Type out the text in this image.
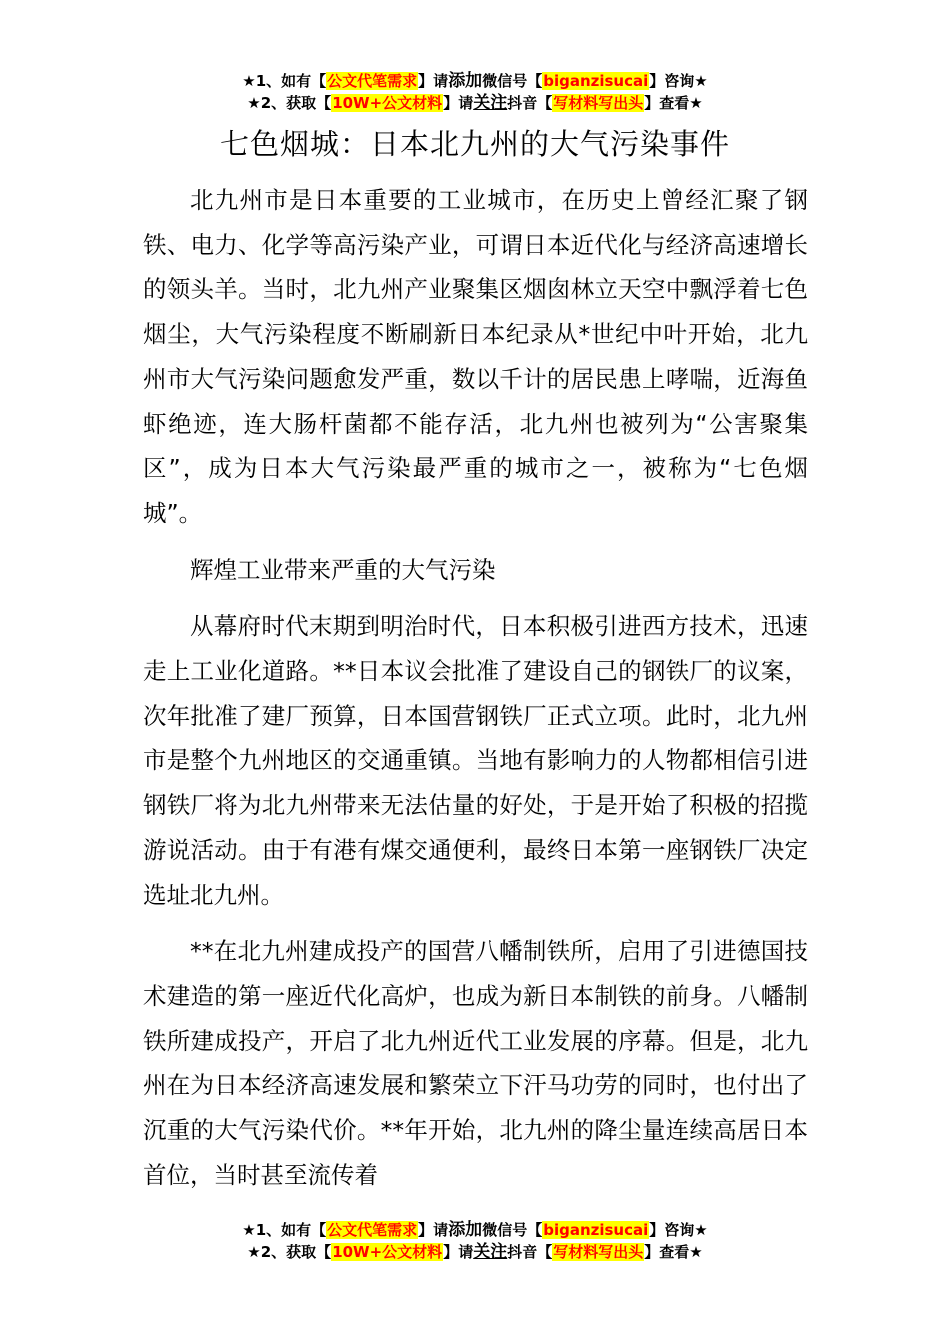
★1、如有【公文代笔需求】请添加微信号【biganzisucai】咨询★
★2、获取【10W+公文材料】请关注抖音【写材料写出头】查看★
七色烟城：日本北九州的大气污染事件

北九州市是日本重要的工业城市，在历史上曾经汇聚了钢铁、电力、化学等高污染产业，可谓日本近代化与经济高速增长的领头羊。当时，北九州产业聚集区烟囱林立天空中飘浮着七色烟尘，大气污染程度不断刷新日本纪录从*世纪中叶开始，北九州市大气污染问题愈发严重，数以千计的居民患上哮喘，近海鱼虾绝迹，连大肠杆菌都不能存活，北九州也被列为“公害聚集区”，成为日本大气污染最严重的城市之一，被称为“七色烟城”。

辉煌工业带来严重的大气污染

从幕府时代末期到明治时代，日本积极引进西方技术，迅速走上工业化道路。**日本议会批准了建设自己的钢铁厂的议案，次年批准了建厂预算，日本国营钢铁厂正式立项。此时，北九州市是整个九州地区的交通重镇。当地有影响力的人物都相信引进钢铁厂将为北九州带来无法估量的好处，于是开始了积极的招揽游说活动。由于有港有煤交通便利，最终日本第一座钢铁厂决定选址北九州。

**在北九州建成投产的国营八幡制铁所，启用了引进德国技术建造的第一座近代化高炉，也成为新日本制铁的前身。八幡制铁所建成投产，开启了北九州近代工业发展的序幕。但是，北九州在为日本经济高速发展和繁荣立下汗马功劳的同时，也付出了沉重的大气污染代价。**年开始，北九州的降尘量连续高居日本首位，当时甚至流传着

★1、如有【公文代笔需求】请添加微信号【biganzisucai】咨询★
★2、获取【10W+公文材料】请关注抖音【写材料写出头】查看★
